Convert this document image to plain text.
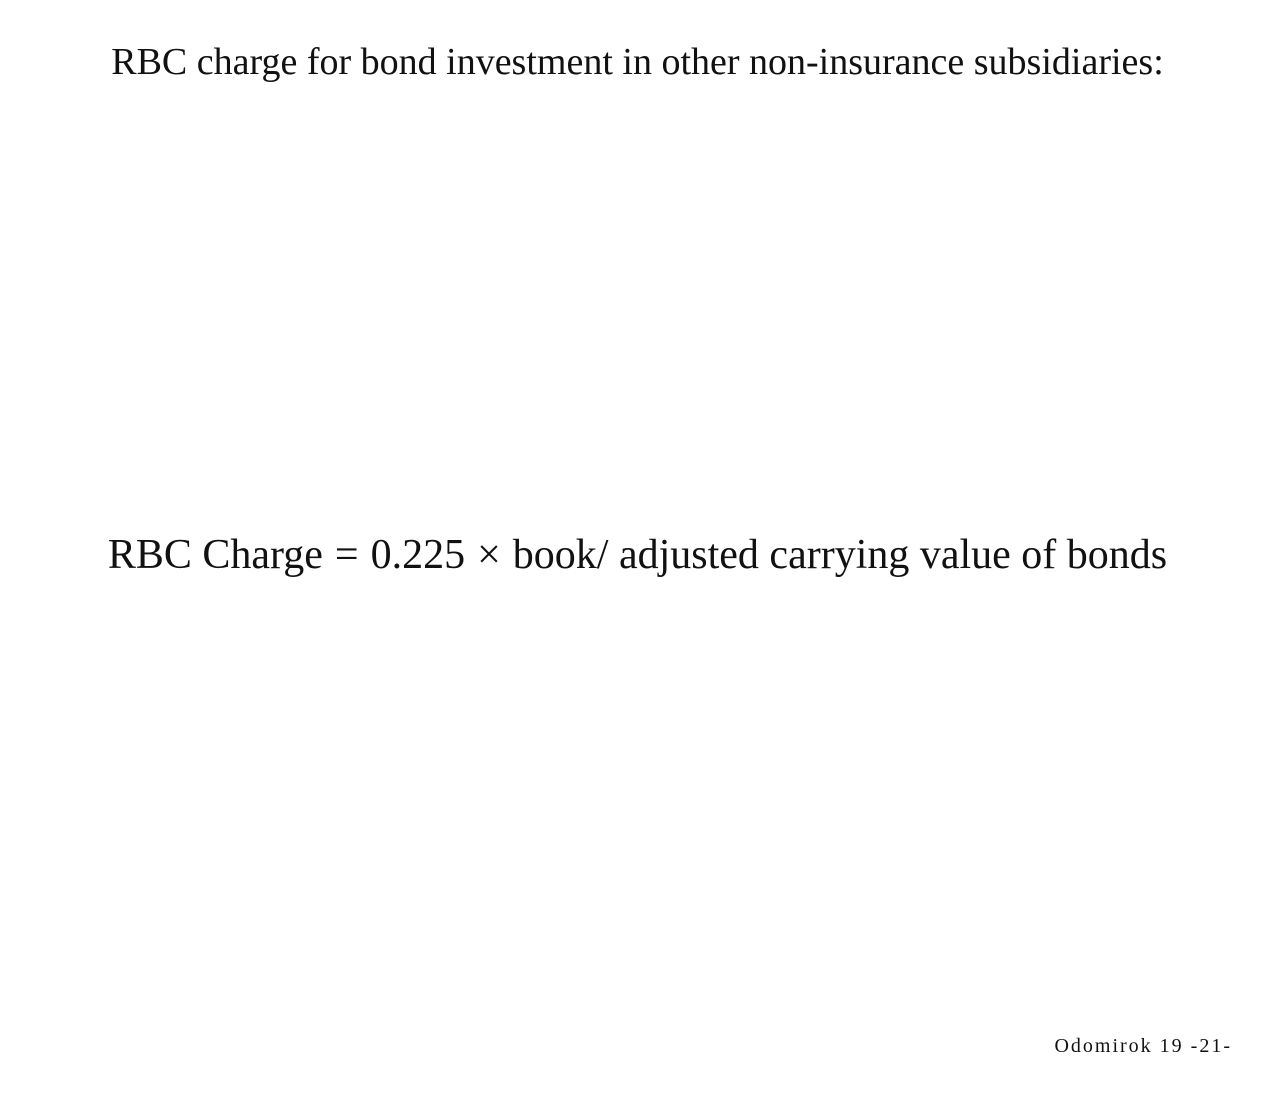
RBC charge for bond investment in other non-insurance subsidiaries:
RBC Charge = 0.225 × book/ adjusted carrying value of bonds
Odomirok 19 -21-
